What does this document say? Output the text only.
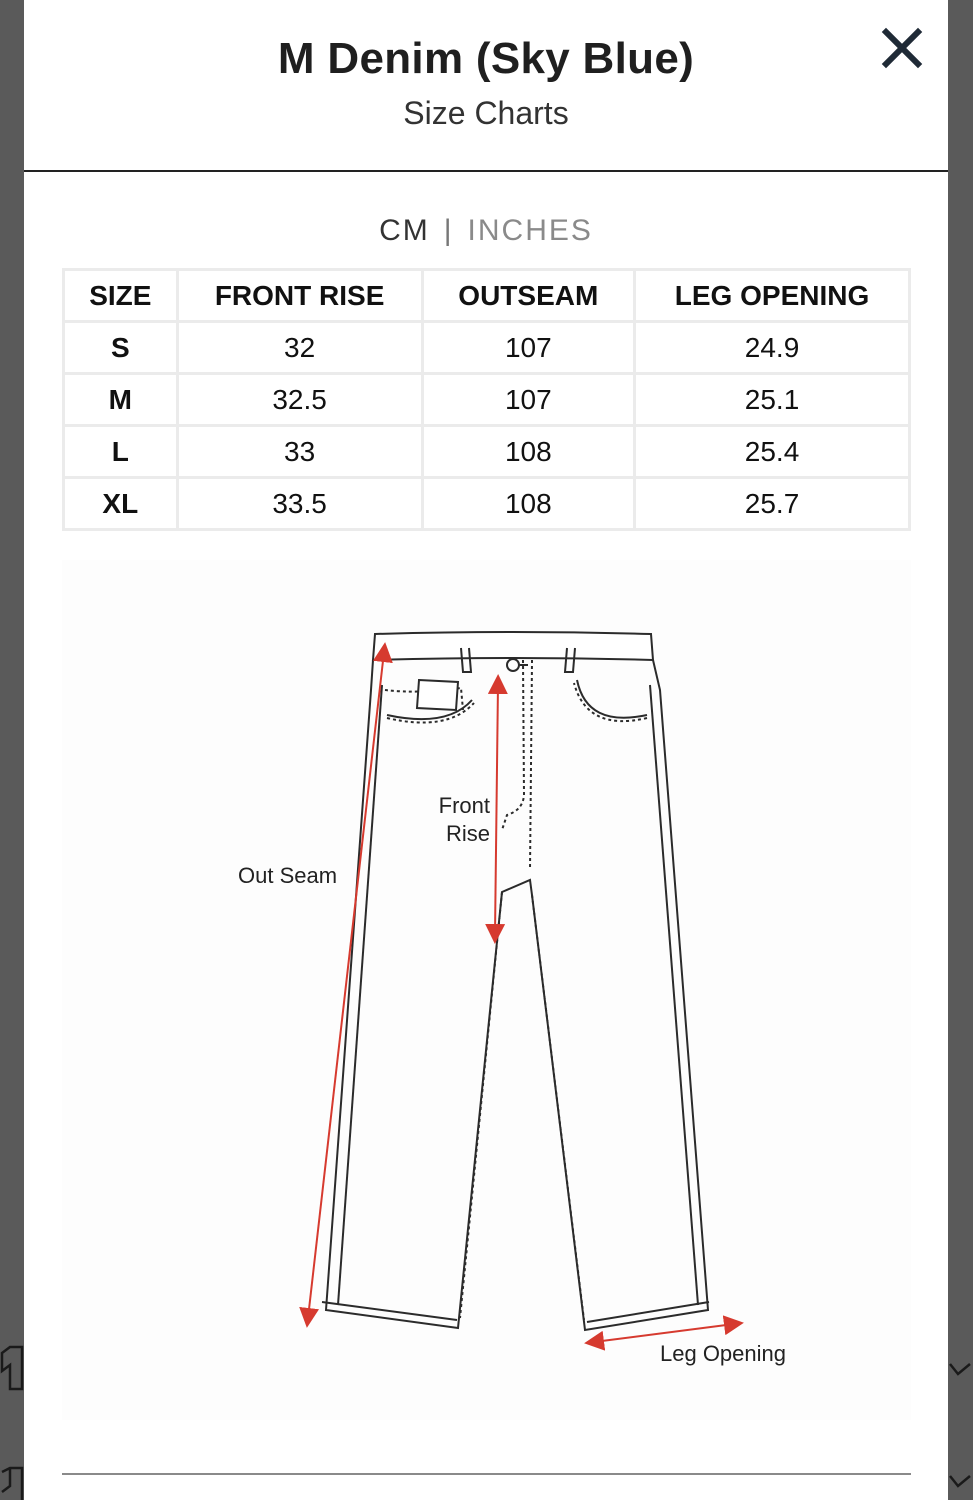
M Denim (Sky Blue)
Size Charts
CM | INCHES
SIZE	FRONT RISE	OUTSEAM	LEG OPENING
S	32	107	24.9
M	32.5	107	25.1
L	33	108	25.4
XL	33.5	108	25.7
Front
Rise
Out Seam
Leg Opening
